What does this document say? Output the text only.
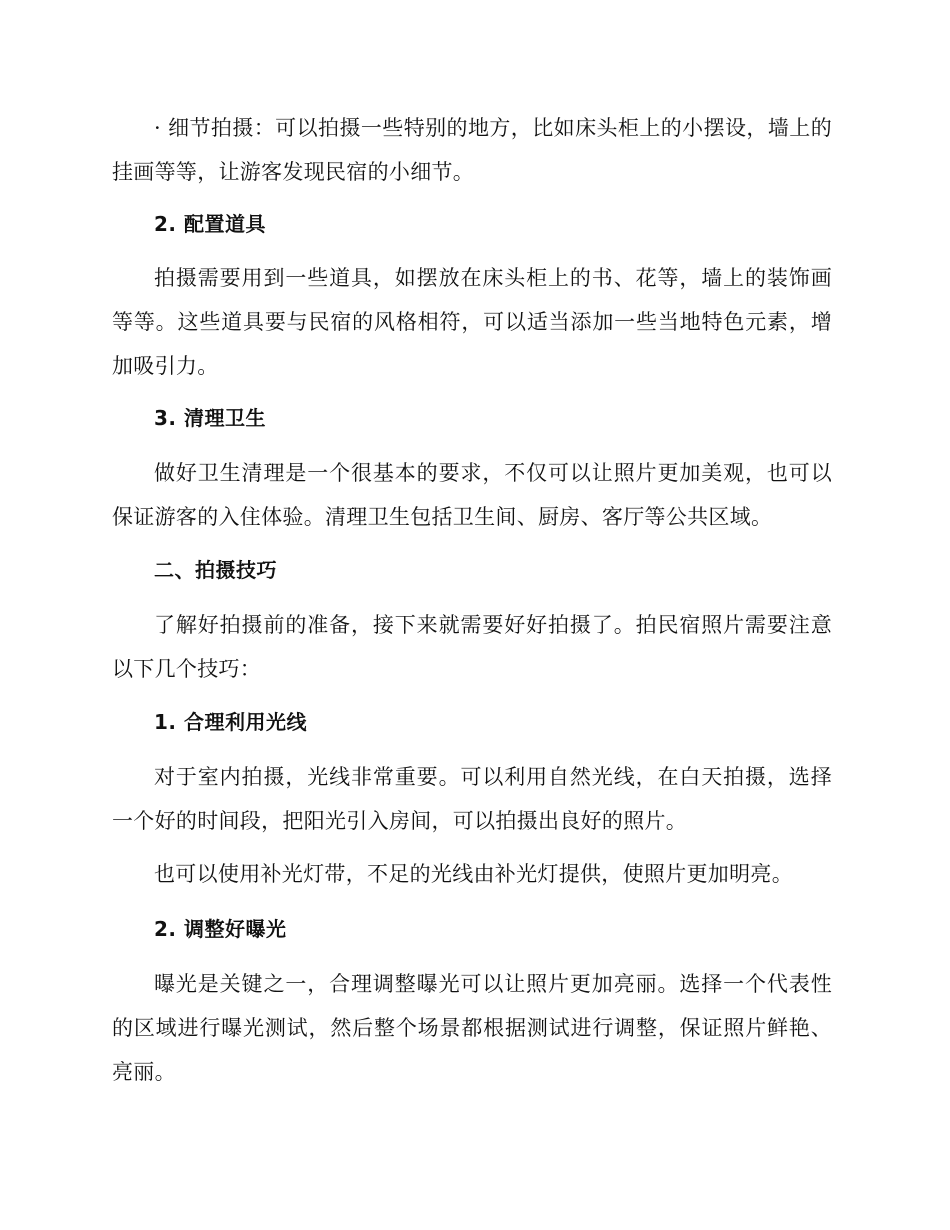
· 细节拍摄：可以拍摄一些特别的地方，比如床头柜上的小摆设，墙上的挂画等等，让游客发现民宿的小细节。

2. 配置道具

拍摄需要用到一些道具，如摆放在床头柜上的书、花等，墙上的装饰画等等。这些道具要与民宿的风格相符，可以适当添加一些当地特色元素，增加吸引力。

3. 清理卫生

做好卫生清理是一个很基本的要求，不仅可以让照片更加美观，也可以保证游客的入住体验。清理卫生包括卫生间、厨房、客厅等公共区域。

二、拍摄技巧

了解好拍摄前的准备，接下来就需要好好拍摄了。拍民宿照片需要注意以下几个技巧：

1. 合理利用光线

对于室内拍摄，光线非常重要。可以利用自然光线，在白天拍摄，选择一个好的时间段，把阳光引入房间，可以拍摄出良好的照片。

也可以使用补光灯带，不足的光线由补光灯提供，使照片更加明亮。

2. 调整好曝光

曝光是关键之一，合理调整曝光可以让照片更加亮丽。选择一个代表性的区域进行曝光测试，然后整个场景都根据测试进行调整，保证照片鲜艳、亮丽。
